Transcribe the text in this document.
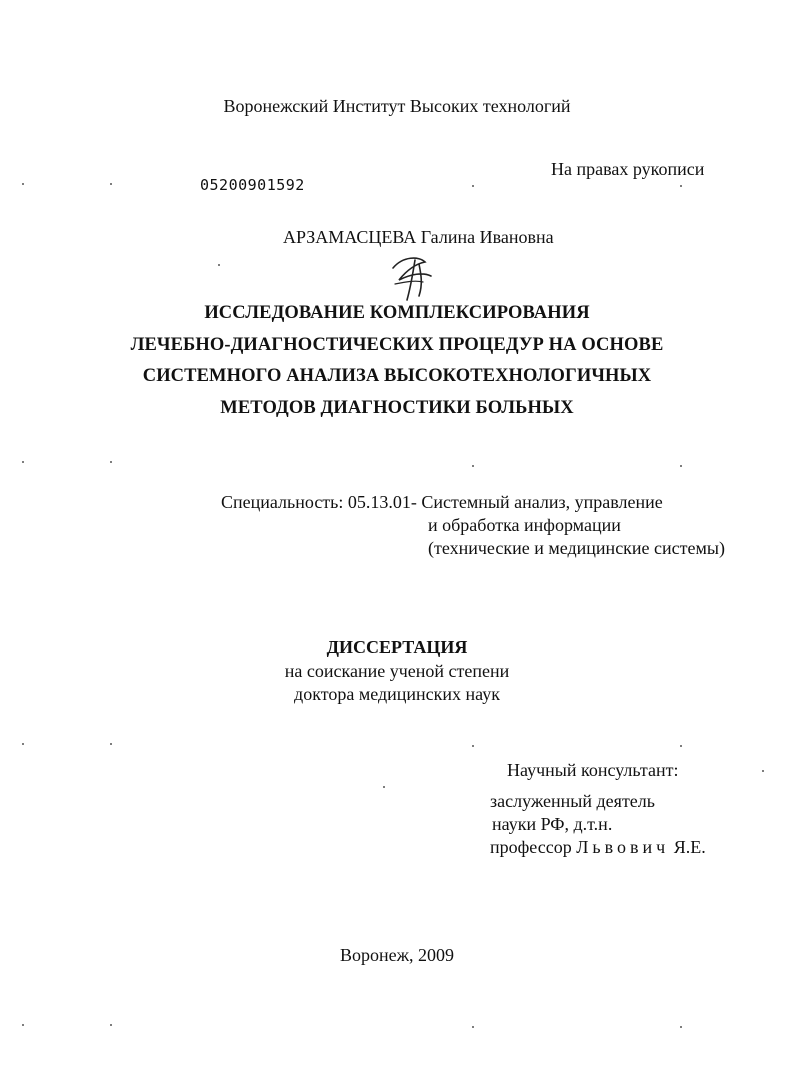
Воронежский Институт Высоких технологий
На правах рукописи
05200901592
АРЗАМАСЦЕВА Галина Ивановна
ИССЛЕДОВАНИЕ КОМПЛЕКСИРОВАНИЯ
ЛЕЧЕБНО-ДИАГНОСТИЧЕСКИХ ПРОЦЕДУР НА ОСНОВЕ
СИСТЕМНОГО АНАЛИЗА ВЫСОКОТЕХНОЛОГИЧНЫХ
МЕТОДОВ ДИАГНОСТИКИ БОЛЬНЫХ
Специальность: 05.13.01- Системный анализ, управление
и обработка информации
(технические и медицинские системы)
ДИССЕРТАЦИЯ
на соискание ученой степени
доктора медицинских наук
Научный консультант:
заслуженный деятель
науки РФ, д.т.н.
профессор Львович Я.Е.
Воронеж, 2009
